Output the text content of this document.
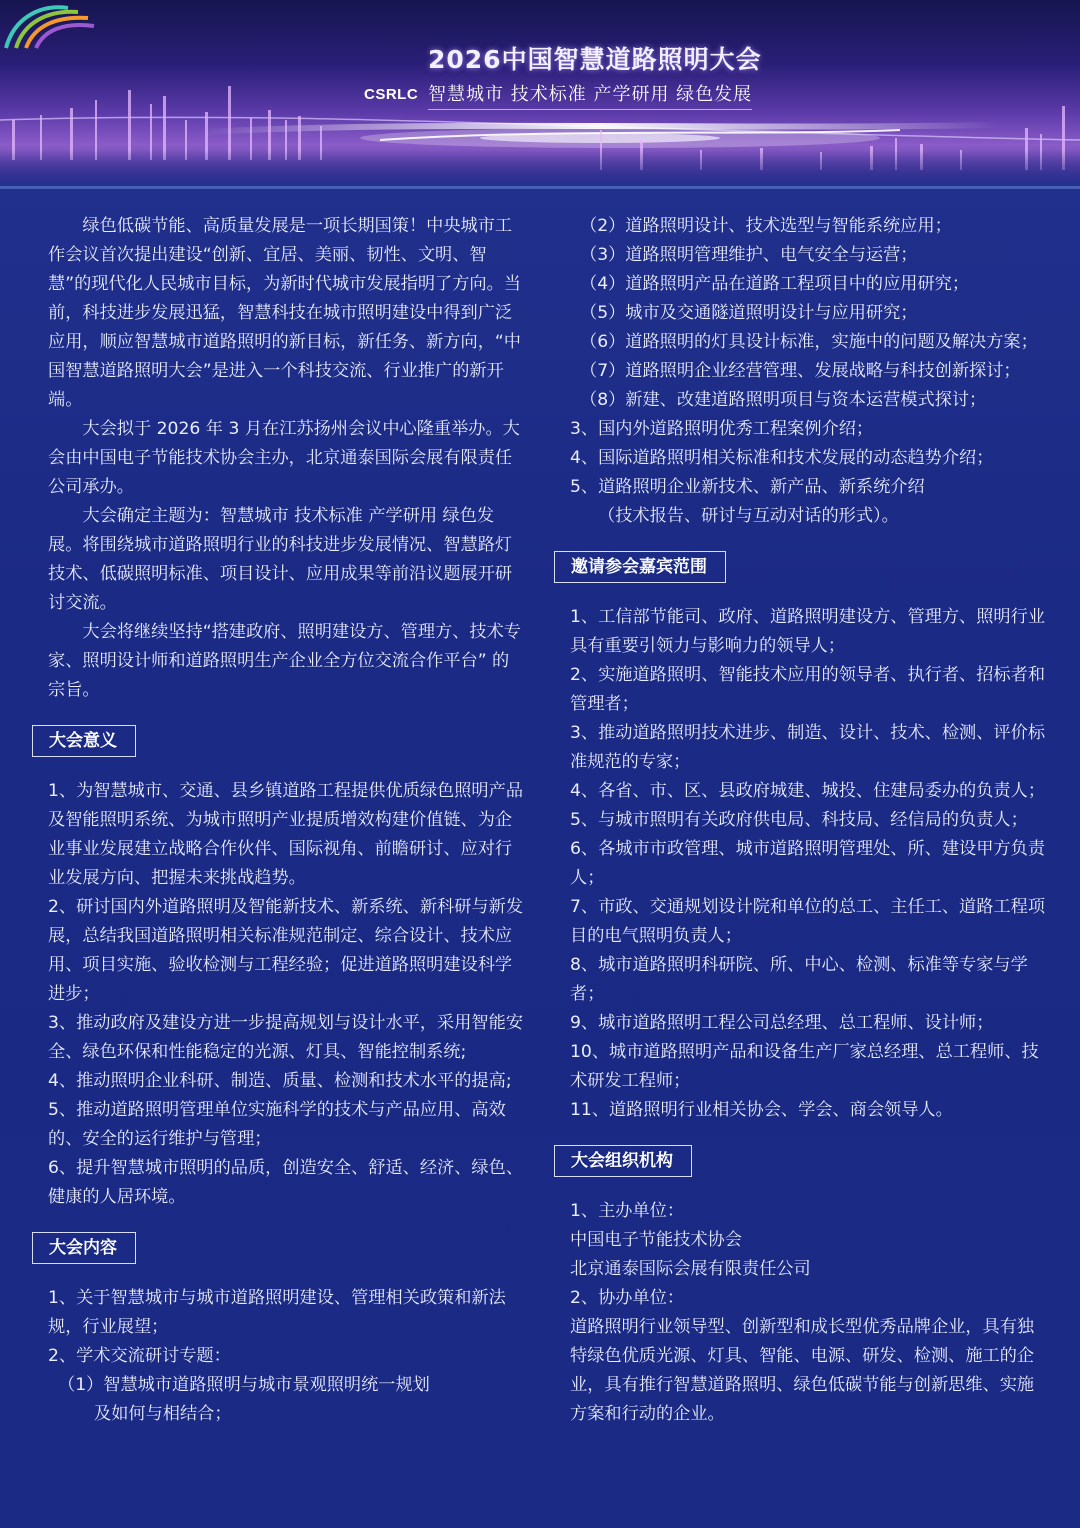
CSRLC
2026中国智慧道路照明大会
智慧城市 技术标准 产学研用 绿色发展

绿色低碳节能、高质量发展是一项长期国策！中央城市工作会议首次提出建设“创新、宜居、美丽、韧性、文明、智慧”的现代化人民城市目标，为新时代城市发展指明了方向。当前，科技进步发展迅猛，智慧科技在城市照明建设中得到广泛应用，顺应智慧城市道路照明的新目标，新任务、新方向，“中国智慧道路照明大会”是进入一个科技交流、行业推广的新开端。

大会拟于 2026 年 3 月在江苏扬州会议中心隆重举办。大会由中国电子节能技术协会主办，北京通泰国际会展有限责任公司承办。

大会确定主题为：智慧城市 技术标准 产学研用 绿色发展。将围绕城市道路照明行业的科技进步发展情况、智慧路灯技术、低碳照明标准、项目设计、应用成果等前沿议题展开研讨交流。

大会将继续坚持“搭建政府、照明建设方、管理方、技术专家、照明设计师和道路照明生产企业全方位交流合作平台” 的宗旨。

大会意义

1、为智慧城市、交通、县乡镇道路工程提供优质绿色照明产品及智能照明系统、为城市照明产业提质增效构建价值链、为企业事业发展建立战略合作伙伴、国际视角、前瞻研讨、应对行业发展方向、把握未来挑战趋势。

2、研讨国内外道路照明及智能新技术、新系统、新科研与新发展，总结我国道路照明相关标准规范制定、综合设计、技术应用、项目实施、验收检测与工程经验；促进道路照明建设科学进步；

3、推动政府及建设方进一步提高规划与设计水平，采用智能安全、绿色环保和性能稳定的光源、灯具、智能控制系统;

4、推动照明企业科研、制造、质量、检测和技术水平的提高;

5、推动道路照明管理单位实施科学的技术与产品应用、高效的、安全的运行维护与管理；

6、提升智慧城市照明的品质，创造安全、舒适、经济、绿色、健康的人居环境。

大会内容

1、关于智慧城市与城市道路照明建设、管理相关政策和新法规，行业展望；

2、学术交流研讨专题：

（1）智慧城市道路照明与城市景观照明统一规划

及如何与相结合；

（2）道路照明设计、技术选型与智能系统应用；

（3）道路照明管理维护、电气安全与运营；

（4）道路照明产品在道路工程项目中的应用研究；

（5）城市及交通隧道照明设计与应用研究；

（6）道路照明的灯具设计标准，实施中的问题及解决方案；

（7）道路照明企业经营管理、发展战略与科技创新探讨；

（8）新建、改建道路照明项目与资本运营模式探讨；

3、国内外道路照明优秀工程案例介绍；

4、国际道路照明相关标准和技术发展的动态趋势介绍；

5、道路照明企业新技术、新产品、新系统介绍

（技术报告、研讨与互动对话的形式）。

邀请参会嘉宾范围

1、工信部节能司、政府、道路照明建设方、管理方、照明行业具有重要引领力与影响力的领导人；

2、实施道路照明、智能技术应用的领导者、执行者、招标者和管理者；

3、推动道路照明技术进步、制造、设计、技术、检测、评价标准规范的专家；

4、各省、市、区、县政府城建、城投、住建局委办的负责人；

5、与城市照明有关政府供电局、科技局、经信局的负责人；

6、各城市市政管理、城市道路照明管理处、所、建设甲方负责人；

7、市政、交通规划设计院和单位的总工、主任工、道路工程项目的电气照明负责人；

8、城市道路照明科研院、所、中心、检测、标准等专家与学者；

9、城市道路照明工程公司总经理、总工程师、设计师；

10、城市道路照明产品和设备生产厂家总经理、总工程师、技术研发工程师；

11、道路照明行业相关协会、学会、商会领导人。

大会组织机构

1、主办单位：

中国电子节能技术协会

北京通泰国际会展有限责任公司

2、协办单位：

道路照明行业领导型、创新型和成长型优秀品牌企业，具有独特绿色优质光源、灯具、智能、电源、研发、检测、施工的企业，具有推行智慧道路照明、绿色低碳节能与创新思维、实施方案和行动的企业。
